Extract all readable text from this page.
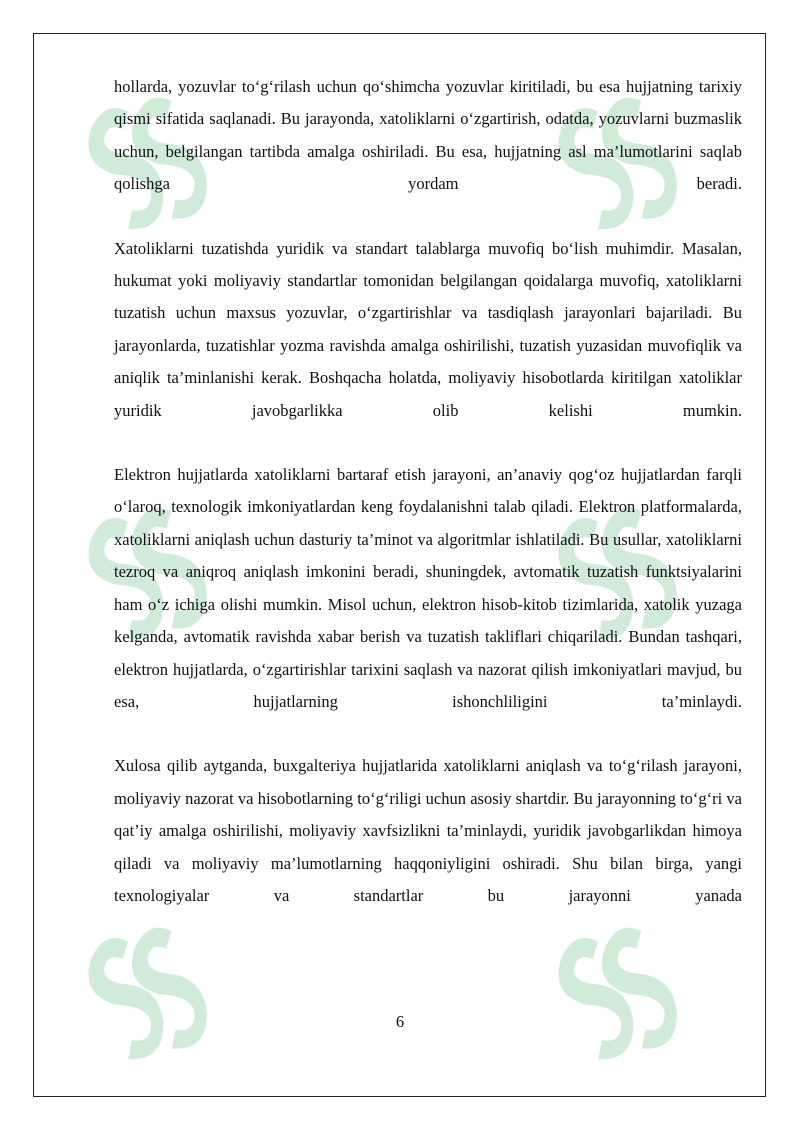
hollarda, yozuvlar to‘g‘rilash uchun qo‘shimcha yozuvlar kiritiladi, bu esa hujjatning tarixiy qismi sifatida saqlanadi. Bu jarayonda, xatoliklarni o‘zgartirish, odatda, yozuvlarni buzmaslik uchun, belgilangan tartibda amalga oshiriladi. Bu esa, hujjatning asl ma’lumotlarini saqlab qolishga yordam beradi.

Xatoliklarni tuzatishda yuridik va standart talablarga muvofiq bo‘lish muhimdir. Masalan, hukumat yoki moliyaviy standartlar tomonidan belgilangan qoidalarga muvofiq, xatoliklarni tuzatish uchun maxsus yozuvlar, o‘zgartirishlar va tasdiqlash jarayonlari bajariladi. Bu jarayonlarda, tuzatishlar yozma ravishda amalga oshirilishi, tuzatish yuzasidan muvofiqlik va aniqlik ta’minlanishi kerak. Boshqacha holatda, moliyaviy hisobotlarda kiritilgan xatoliklar yuridik javobgarlikka olib kelishi mumkin.

Elektron hujjatlarda xatoliklarni bartaraf etish jarayoni, an’anaviy qog‘oz hujjatlardan farqli o‘laroq, texnologik imkoniyatlardan keng foydalanishni talab qiladi. Elektron platformalarda, xatoliklarni aniqlash uchun dasturiy ta’minot va algoritmlar ishlatiladi. Bu usullar, xatoliklarni tezroq va aniqroq aniqlash imkonini beradi, shuningdek, avtomatik tuzatish funktsiyalarini ham o‘z ichiga olishi mumkin. Misol uchun, elektron hisob-kitob tizimlarida, xatolik yuzaga kelganda, avtomatik ravishda xabar berish va tuzatish takliflari chiqariladi. Bundan tashqari, elektron hujjatlarda, o‘zgartirishlar tarixini saqlash va nazorat qilish imkoniyatlari mavjud, bu esa, hujjatlarning ishonchliligini ta’minlaydi.

Xulosa qilib aytganda, buxgalteriya hujjatlarida xatoliklarni aniqlash va to‘g‘rilash jarayoni, moliyaviy nazorat va hisobotlarning to‘g‘riligi uchun asosiy shartdir. Bu jarayonning to‘g‘ri va qat’iy amalga oshirilishi, moliyaviy xavfsizlikni ta’minlaydi, yuridik javobgarlikdan himoya qiladi va moliyaviy ma’lumotlarning haqqoniyligini oshiradi. Shu bilan birga, yangi texnologiyalar va standartlar bu jarayonni yanada

6
